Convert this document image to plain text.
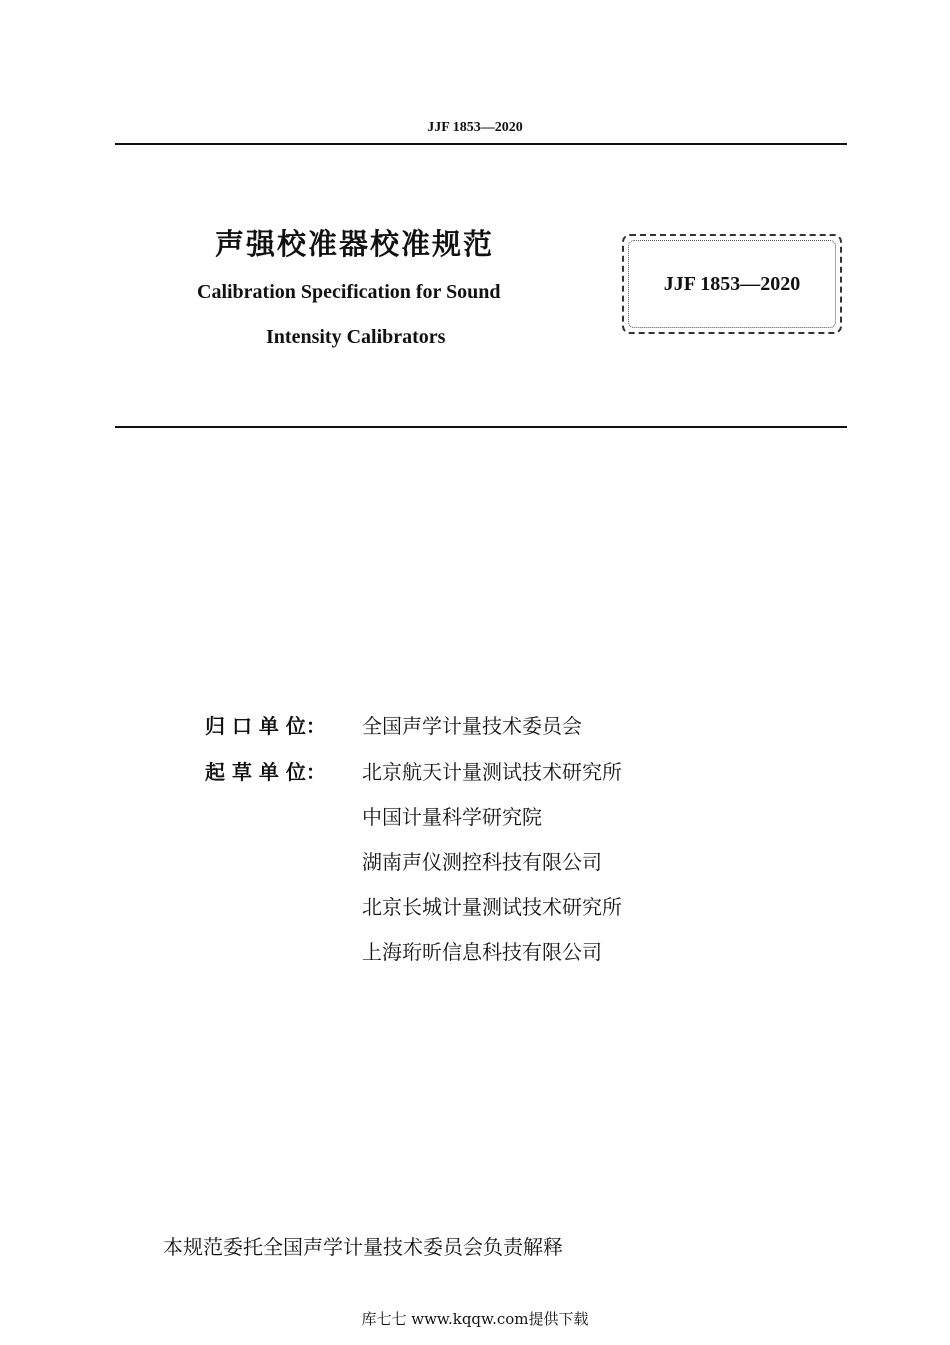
JJF 1853—2020
声强校准器校准规范
Calibration Specification for Sound
Intensity Calibrators
JJF 1853—2020
归 口 单 位：	全国声学计量技术委员会
起 草 单 位：	北京航天计量测试技术研究所
中国计量科学研究院
湖南声仪测控科技有限公司
北京长城计量测试技术研究所
上海珩昕信息科技有限公司
本规范委托全国声学计量技术委员会负责解释
库七七 www.kqqw.com提供下载
